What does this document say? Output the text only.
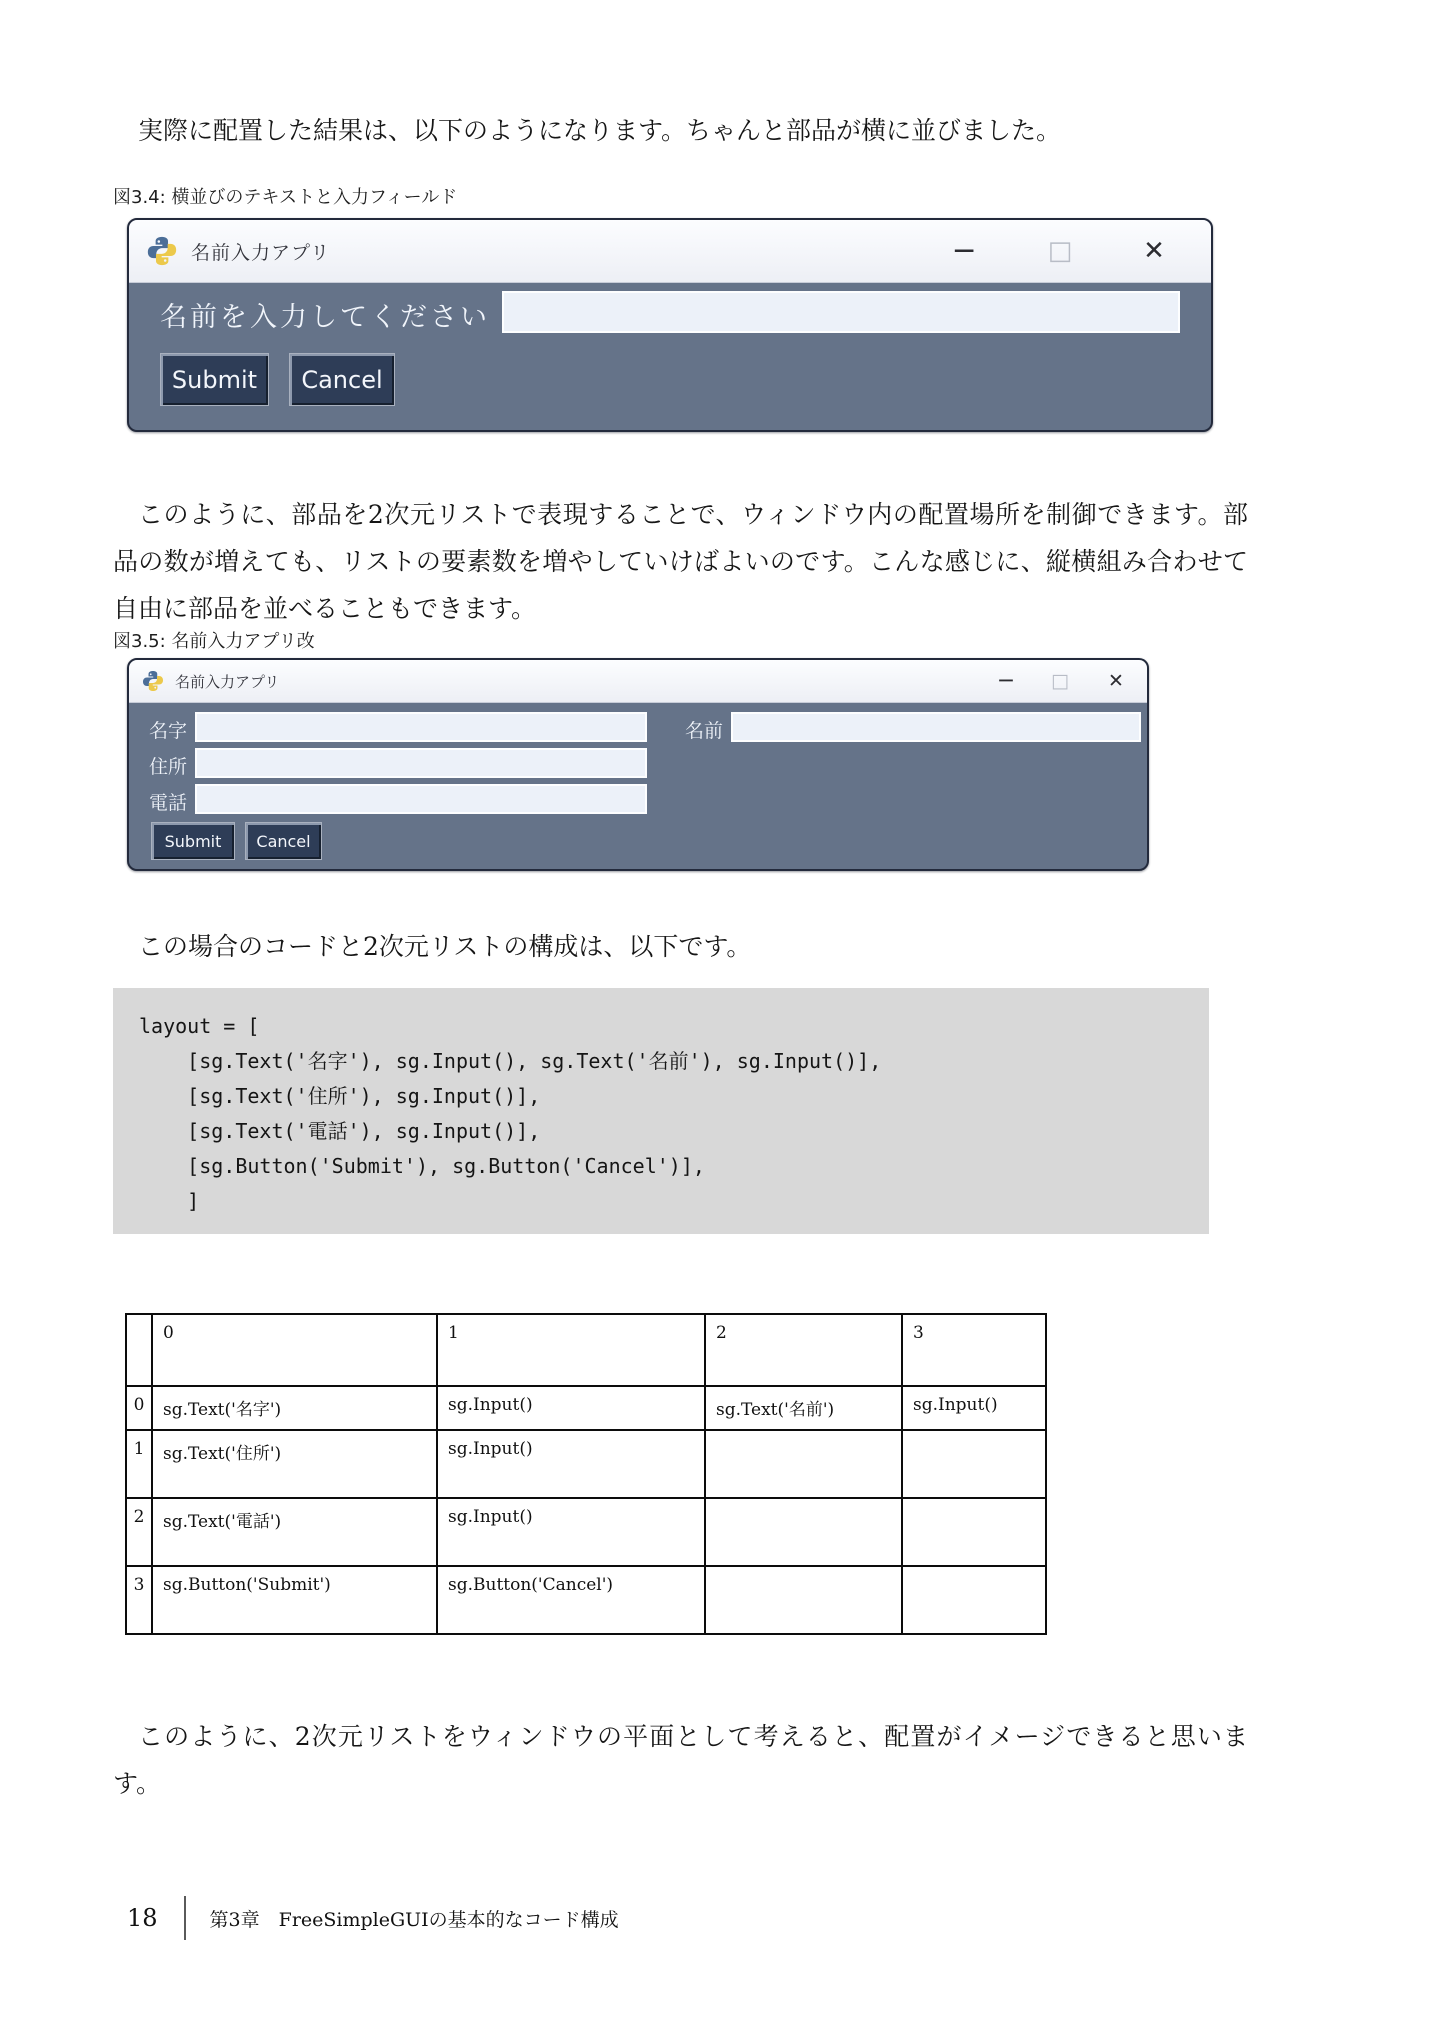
実際に配置した結果は、以下のようになります。ちゃんと部品が横に並びました。

図3.4: 横並びのテキストと入力フィールド
名前入力アプリ	─	□	✕
名前を入力してください
Submit	Cancel

このように、部品を2次元リストで表現することで、ウィンドウ内の配置場所を制御できます。部品の数が増えても、リストの要素数を増やしていけばよいのです。こんな感じに、縦横組み合わせて自由に部品を並べることもできます。

図3.5: 名前入力アプリ改
名前入力アプリ	─	□ ✕
名字	名前
住所
電話
Submit	Cancel

この場合のコードと2次元リストの構成は、以下です。

layout = [
[sg.Text('名字'), sg.Input(), sg.Text('名前'), sg.Input()],
[sg.Text('住所'), sg.Input()],
[sg.Text('電話'), sg.Input()],
[sg.Button('Submit'), sg.Button('Cancel')],
]
	0	1	2	3
0	sg.Text('名字')	sg.Input()	sg.Text('名前')	sg.Input()
1	sg.Text('住所')	sg.Input()		
2	sg.Text('電話')	sg.Input()		
3	sg.Button('Submit')	sg.Button('Cancel')		

このように、2次元リストをウィンドウの平面として考えると、配置がイメージできると思います。

18	第3章　FreeSimpleGUIの基本的なコード構成
